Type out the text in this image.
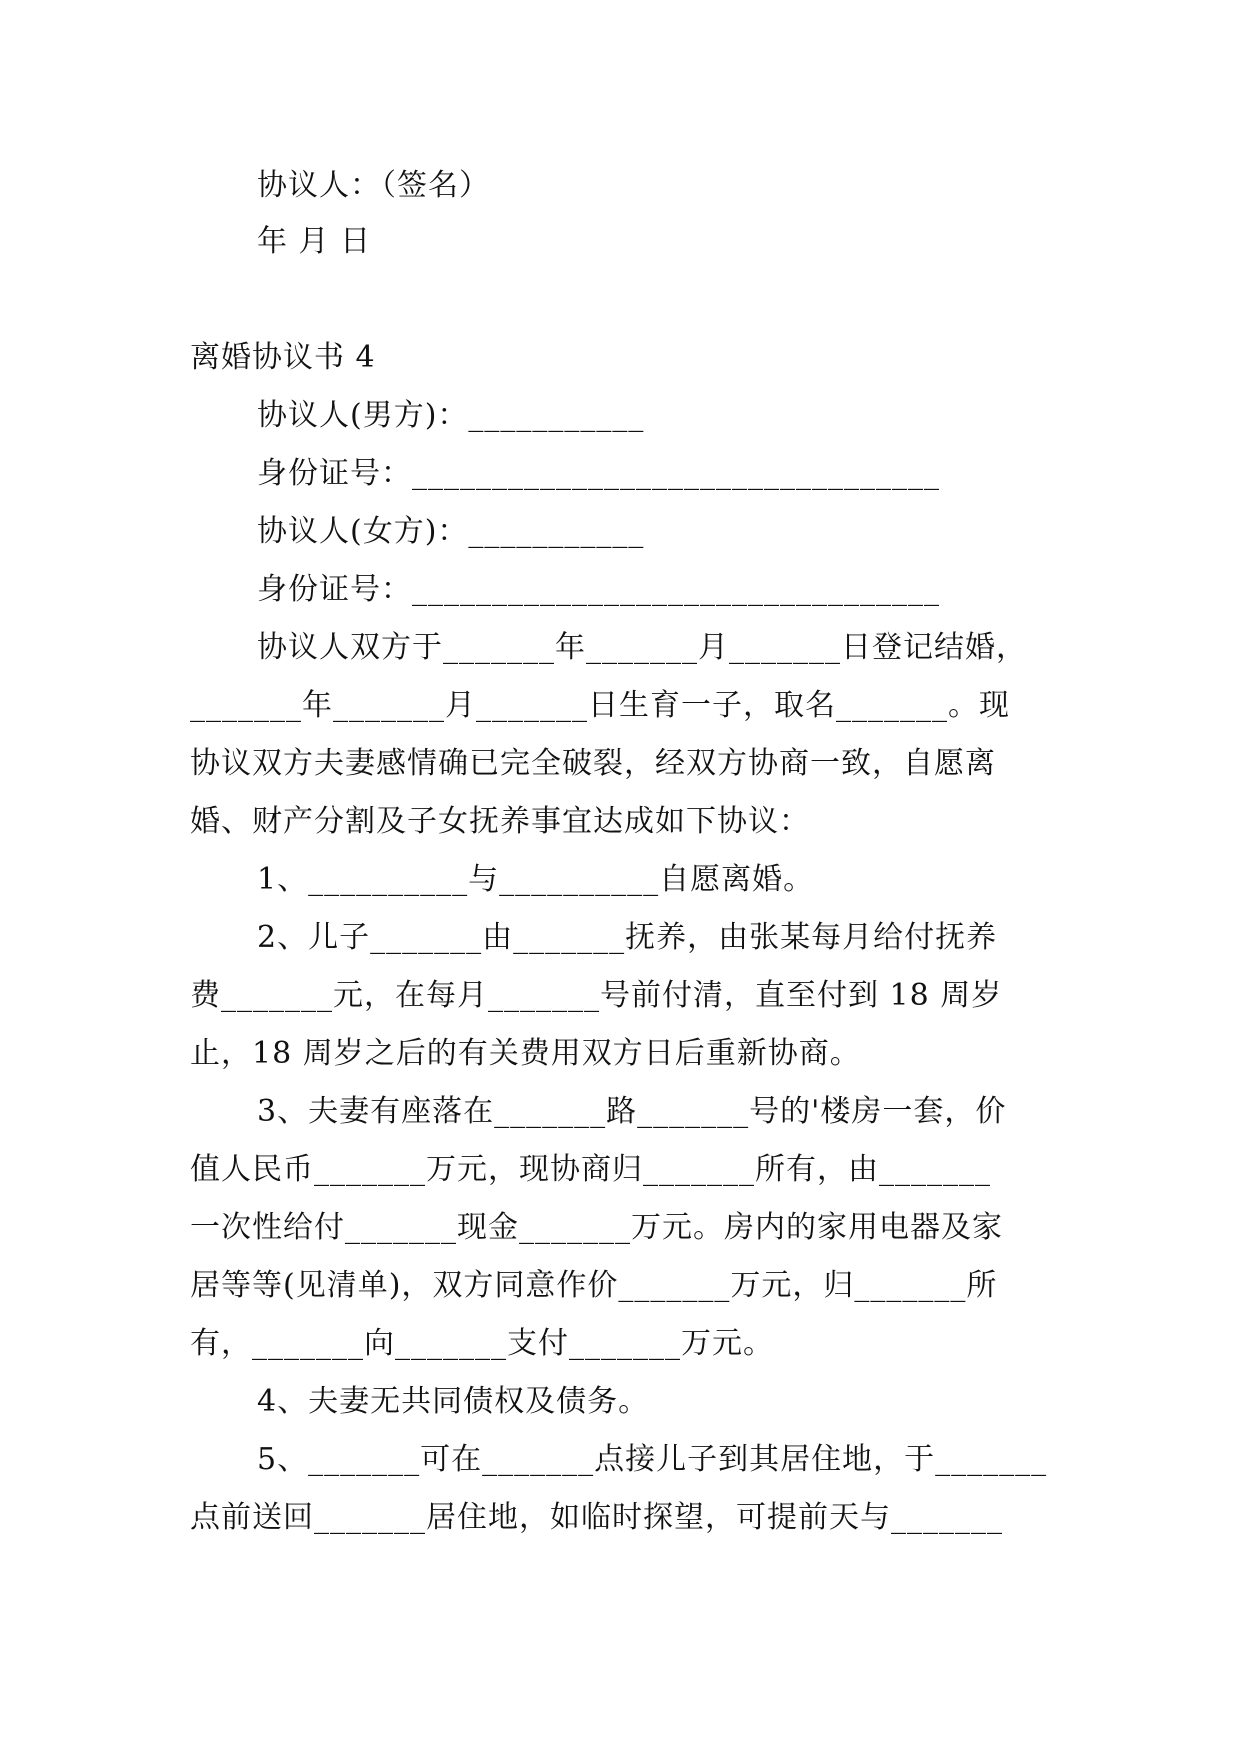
协议人：（签名）
年 月 日
离婚协议书 4
协议人(男方)：___________
身份证号：_________________________________
协议人(女方)：___________
身份证号：_________________________________
协议人双方于_______年_______月_______日登记结婚，
_______年_______月_______日生育一子，取名_______。现
协议双方夫妻感情确已完全破裂，经双方协商一致，自愿离
婚、财产分割及子女抚养事宜达成如下协议：
1、__________与__________自愿离婚。
2、儿子_______由_______抚养，由张某每月给付抚养
费_______元，在每月_______号前付清，直至付到 18 周岁
止，18 周岁之后的有关费用双方日后重新协商。
3、夫妻有座落在_______路_______号的'楼房一套，价
值人民币_______万元，现协商归_______所有，由_______
一次性给付_______现金_______万元。房内的家用电器及家
居等等(见清单)，双方同意作价_______万元，归_______所
有，_______向_______支付_______万元。
4、夫妻无共同债权及债务。
5、_______可在_______点接儿子到其居住地，于_______
点前送回_______居住地，如临时探望，可提前天与_______
